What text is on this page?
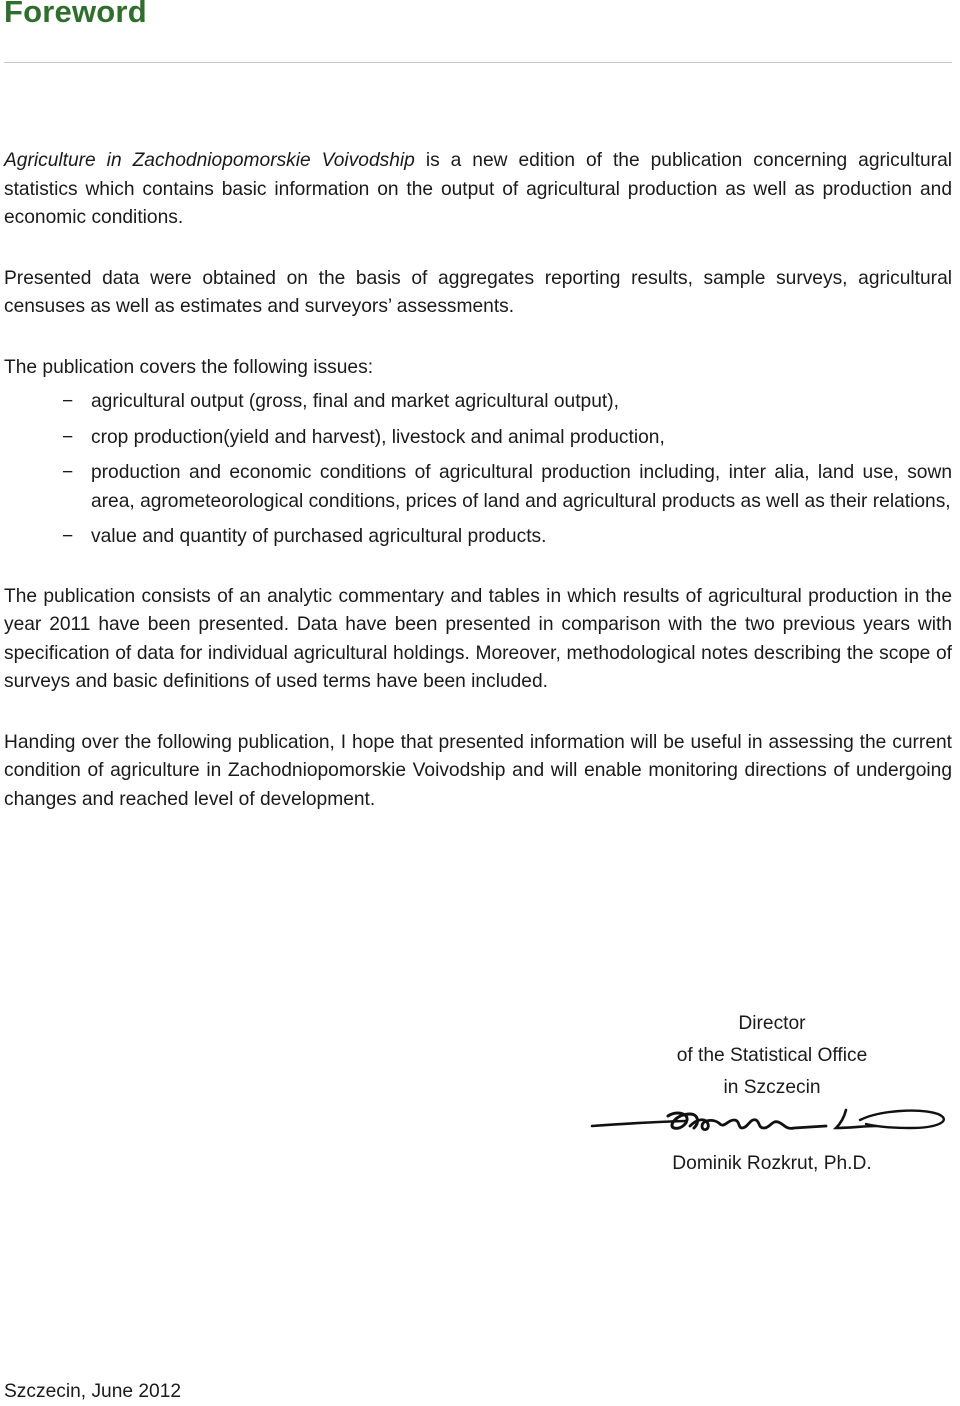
Foreword

Agriculture in Zachodniopomorskie Voivodship is a new edition of the publication concerning agricultural statistics which contains basic information on the output of agricultural production as well as production and economic conditions.

Presented data were obtained on the basis of aggregates reporting results, sample surveys, agricultural censuses as well as estimates and surveyors’ assessments.

The publication covers the following issues:

− agricultural output (gross, final and market agricultural output),
− crop production(yield and harvest), livestock and animal production,
− production and economic conditions of agricultural production including, inter alia, land use, sown area, agrometeorological conditions, prices of land and agricultural products as well as their relations,
− value and quantity of purchased agricultural products.

The publication consists of an analytic commentary and tables in which results of agricultural production in the year 2011 have been presented. Data have been presented in comparison with the two previous years with specification of data for individual agricultural holdings. Moreover, methodological notes describing the scope of surveys and basic definitions of used terms have been included.

Handing over the following publication, I hope that presented information will be useful in assessing the current condition of agriculture in Zachodniopomorskie Voivodship and will enable monitoring directions of undergoing changes and reached level of development.

Director
of the Statistical Office
in Szczecin
Dominik Rozkrut, Ph.D.
Szczecin, June 2012
